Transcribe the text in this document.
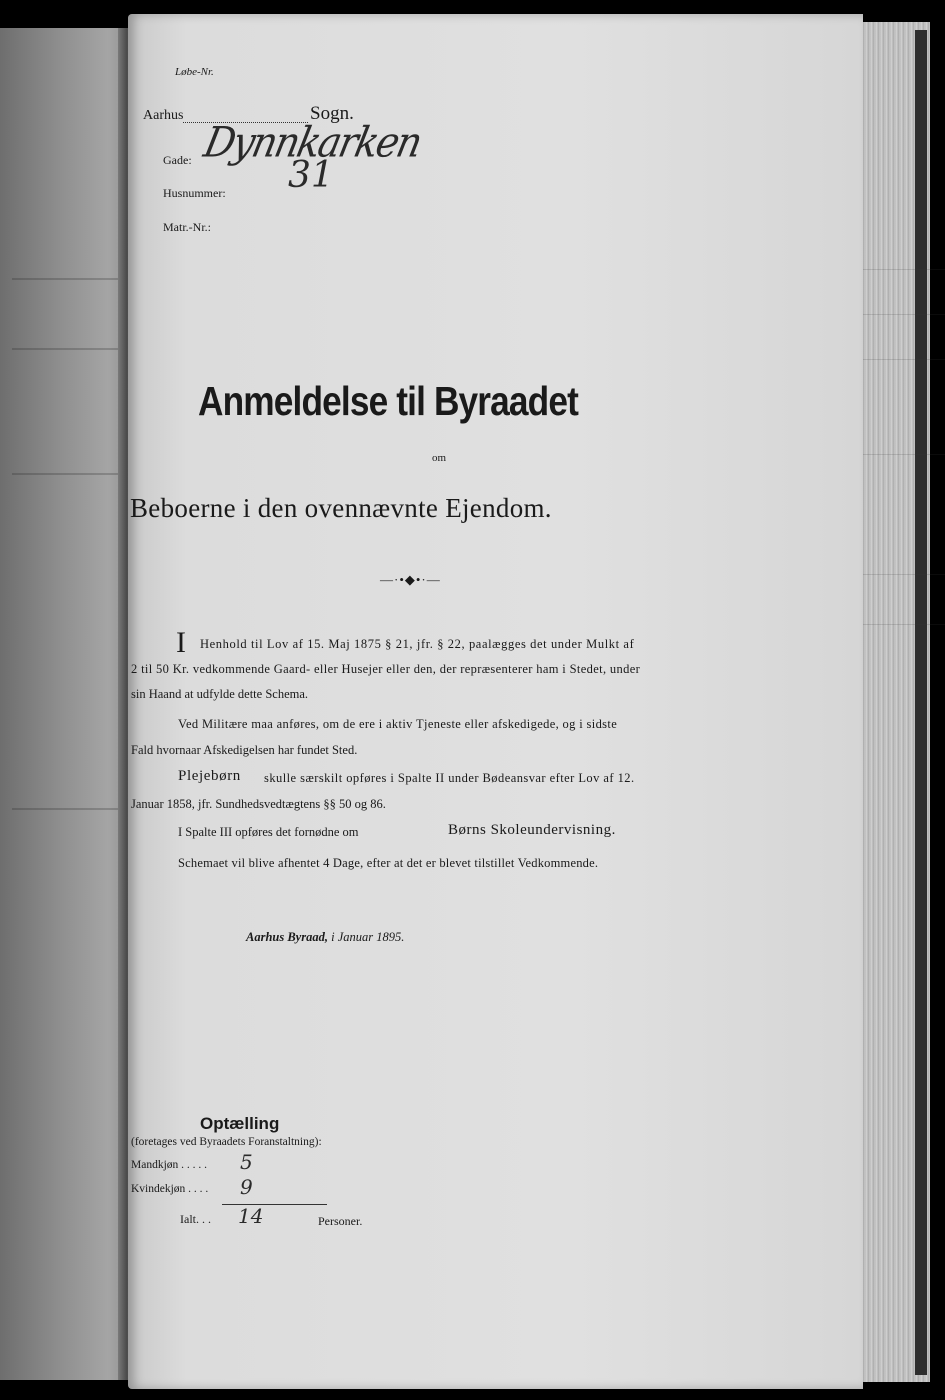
Løbe-Nr.
Aarhus	Sogn.
Gade: Dynnkarken
Husnummer: 31
Matr.-Nr.:
Anmeldelse til Byraadet
om
Beboerne i den ovennævnte Ejendom.
—·•◆•·—
I Henhold til Lov af 15. Maj 1875 § 21, jfr. § 22, paalægges det under Mulkt af
2 til 50 Kr. vedkommende Gaard- eller Husejer eller den, der repræsenterer ham i Stedet, under
sin Haand at udfylde dette Schema.
Ved Militære maa anføres, om de ere i aktiv Tjeneste eller afskedigede, og i sidste
Fald hvornaar Afskedigelsen har fundet Sted.
Plejebørn skulle særskilt opføres i Spalte II under Bødeansvar efter Lov af 12.
Januar 1858, jfr. Sundhedsvedtægtens §§ 50 og 86.
I Spalte III opføres det fornødne om	Børns Skoleundervisning.
Schemaet vil blive afhentet 4 Dage, efter at det er blevet tilstillet Vedkommende.
Aarhus Byraad, i Januar 1895.
Optælling
(foretages ved Byraadets Foranstaltning):
Mandkjøn . . . . . 5
Kvindekjøn . . . . 9
Ialt. . . 14	Personer.
